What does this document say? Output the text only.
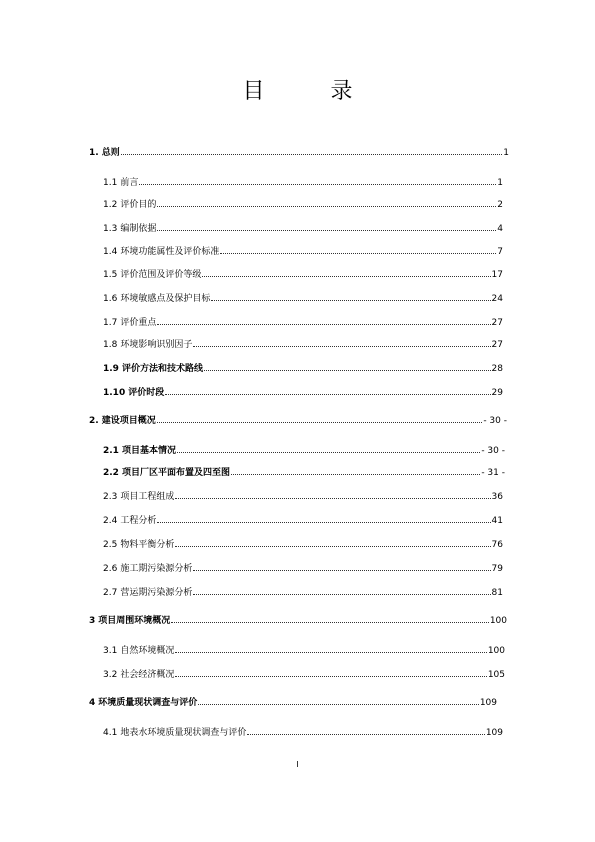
目　录
1. 总则	1
1.1 前言	1
1.2 评价目的	2
1.3 编制依据	4
1.4 环境功能属性及评价标准	7
1.5 评价范围及评价等级	17
1.6 环境敏感点及保护目标	24
1.7 评价重点	27
1.8 环境影响识别因子	27
1.9 评价方法和技术路线	28
1.10 评价时段	29
2. 建设项目概况	- 30 -
2.1 项目基本情况	- 30 -
2.2 项目厂区平面布置及四至图	- 31 -
2.3 项目工程组成	36
2.4 工程分析	41
2.5 物料平衡分析	76
2.6 施工期污染源分析	79
2.7 营运期污染源分析	81
3 项目周围环境概况	100
3.1 自然环境概况	100
3.2 社会经济概况	105
4 环境质量现状调查与评价	109
4.1 地表水环境质量现状调查与评价	109
I
